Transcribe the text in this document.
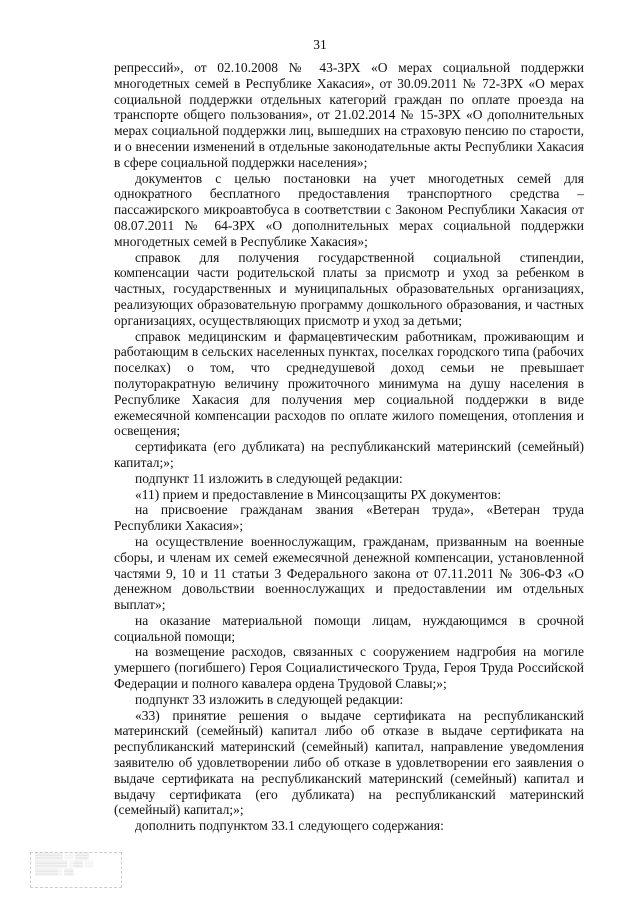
31

репрессий», от 02.10.2008 № 43-ЗРХ «О мерах социальной поддержки многодетных семей в Республике Хакасия», от 30.09.2011 № 72-ЗРХ «О мерах социальной поддержки отдельных категорий граждан по оплате проезда на транспорте общего пользования», от 21.02.2014 № 15-ЗРХ «О дополнительных мерах социальной поддержки лиц, вышедших на страховую пенсию по старости, и о внесении изменений в отдельные законодательные акты Республики Хакасия в сфере социальной поддержки населения»;

документов с целью постановки на учет многодетных семей для однократного бесплатного предоставления транспортного средства – пассажирского микроавтобуса в соответствии с Законом Республики Хакасия от 08.07.2011 № 64-ЗРХ «О дополнительных мерах социальной поддержки многодетных семей в Республике Хакасия»;

справок для получения государственной социальной стипендии, компенсации части родительской платы за присмотр и уход за ребенком в частных, государственных и муниципальных образовательных организациях, реализующих образовательную программу дошкольного образования, и частных организациях, осуществляющих присмотр и уход за детьми;

справок медицинским и фармацевтическим работникам, проживающим и работающим в сельских населенных пунктах, поселках городского типа (рабочих поселках) о том, что среднедушевой доход семьи не превышает полуторакратную величину прожиточного минимума на душу населения в Республике Хакасия для получения мер социальной поддержки в виде ежемесячной компенсации расходов по оплате жилого помещения, отопления и освещения;

сертификата (его дубликата) на республиканский материнский (семейный) капитал;»;

подпункт 11 изложить в следующей редакции:

«11) прием и предоставление в Минсоцзащиты РХ документов:

на присвоение гражданам звания «Ветеран труда», «Ветеран труда Республики Хакасия»;

на осуществление военнослужащим, гражданам, призванным на военные сборы, и членам их семей ежемесячной денежной компенсации, установленной частями 9, 10 и 11 статьи 3 Федерального закона от 07.11.2011 № 306-ФЗ «О денежном довольствии военнослужащих и предоставлении им отдельных выплат»;

на оказание материальной помощи лицам, нуждающимся в срочной социальной помощи;

на возмещение расходов, связанных с сооружением надгробия на могиле умершего (погибшего) Героя Социалистического Труда, Героя Труда Российской Федерации и полного кавалера ордена Трудовой Славы;»;

подпункт 33 изложить в следующей редакции:

«33) принятие решения о выдаче сертификата на республиканский материнский (семейный) капитал либо об отказе в выдаче сертификата на республиканский материнский (семейный) капитал, направление уведомления заявителю об удовлетворении либо об отказе в удовлетворении его заявления о выдаче сертификата на республиканский материнский (семейный) капитал и выдачу сертификата (его дубликата) на республиканский материнский (семейный) капитал;»;

дополнить подпунктом 33.1 следующего содержания:

▒▒▒▒▒▒ ░░ ▒▒▒
▒▒▒▒▒▒▒ ░▒▒ ░░
▒▒▒▒▒░ ▒▒
